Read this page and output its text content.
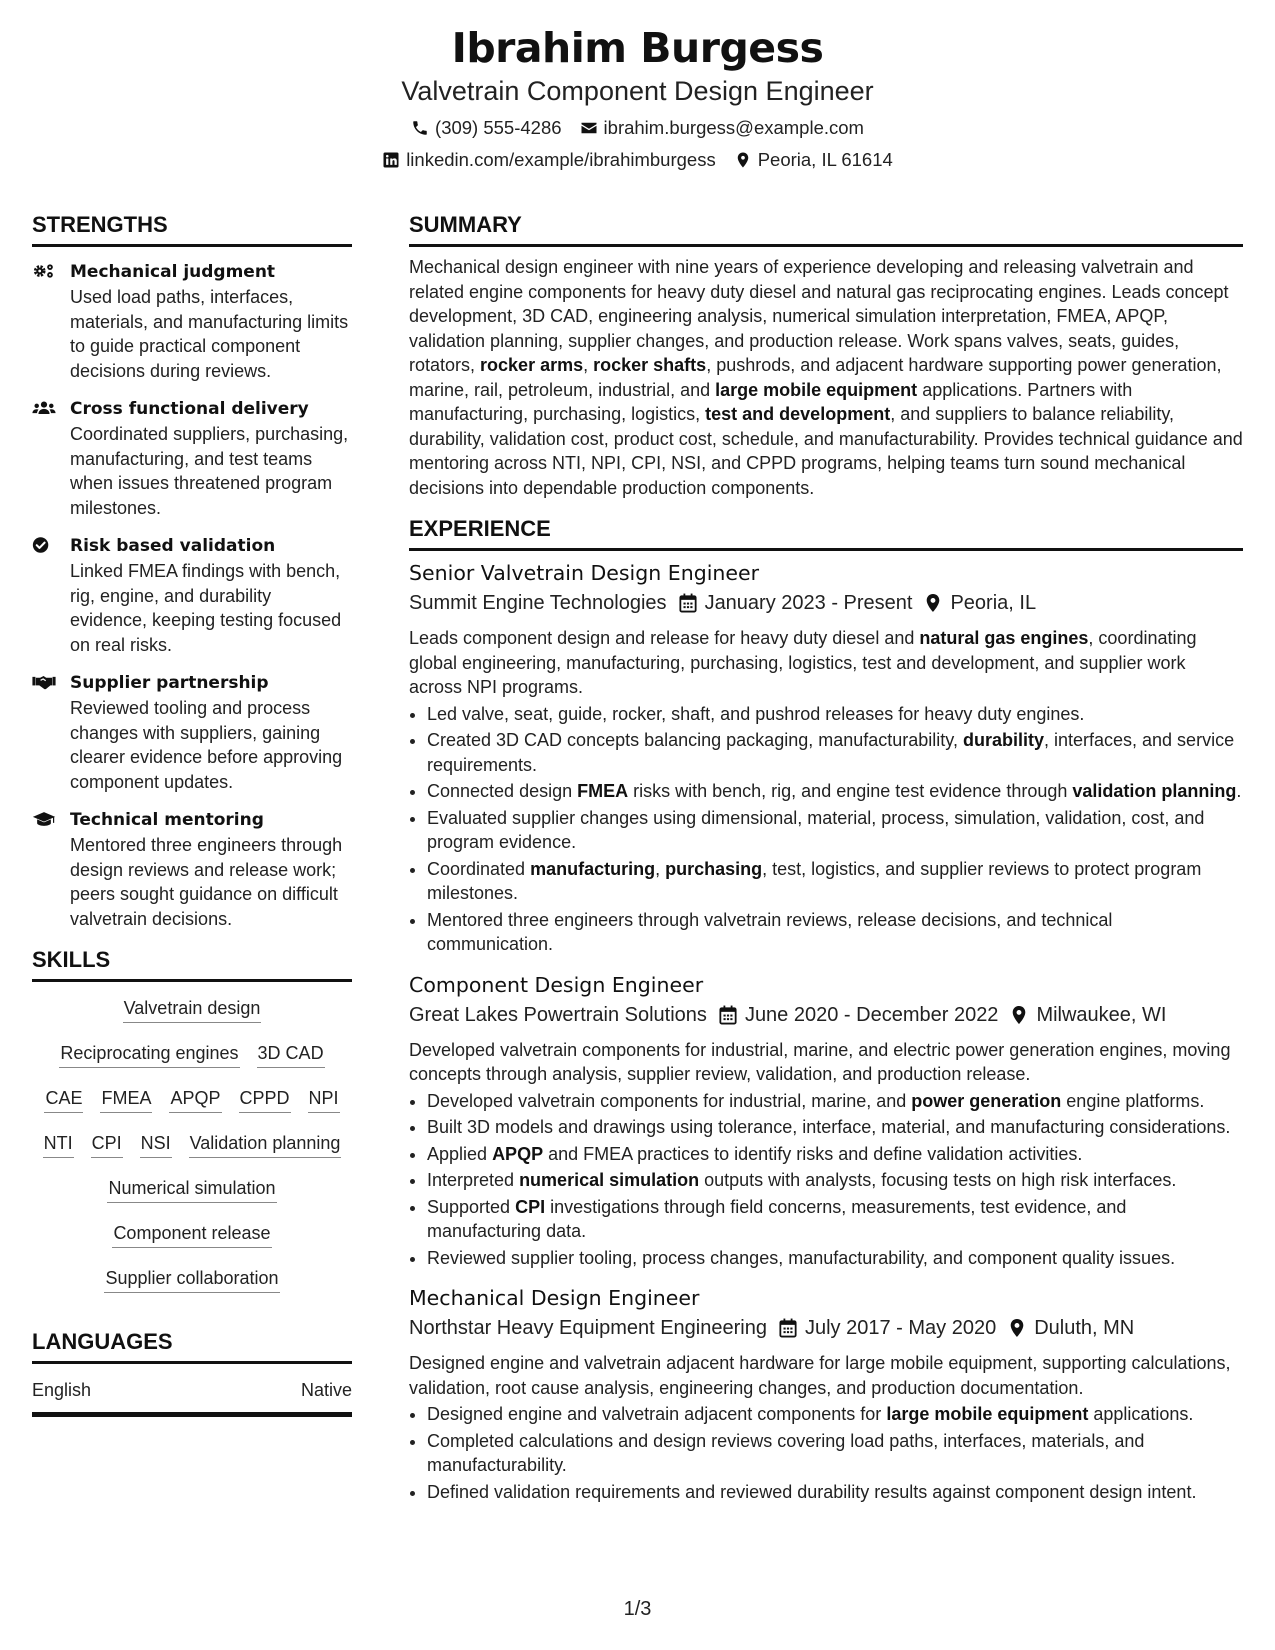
Ibrahim Burgess
Valvetrain Component Design Engineer
(309) 555-4286 ibrahim.burgess@example.com
linkedin.com/example/ibrahimburgess Peoria, IL 61614
STRENGTHS
Mechanical judgment
Used load paths, interfaces, materials, and manufacturing limits to guide practical component decisions during reviews.
Cross functional delivery
Coordinated suppliers, purchasing, manufacturing, and test teams when issues threatened program milestones.
Risk based validation
Linked FMEA findings with bench, rig, engine, and durability evidence, keeping testing focused on real risks.
Supplier partnership
Reviewed tooling and process changes with suppliers, gaining clearer evidence before approving component updates.
Technical mentoring
Mentored three engineers through design reviews and release work; peers sought guidance on difficult valvetrain decisions.
SKILLS
Valvetrain design
Reciprocating engines 3D CAD
CAE FMEA APQP CPPD NPI
NTI CPI NSI Validation planning
Numerical simulation
Component release
Supplier collaboration
LANGUAGES
English	Native
SUMMARY
Mechanical design engineer with nine years of experience developing and releasing valvetrain and related engine components for heavy duty diesel and natural gas reciprocating engines. Leads concept development, 3D CAD, engineering analysis, numerical simulation interpretation, FMEA, APQP, validation planning, supplier changes, and production release. Work spans valves, seats, guides, rotators, rocker arms, rocker shafts, pushrods, and adjacent hardware supporting power generation, marine, rail, petroleum, industrial, and large mobile equipment applications. Partners with manufacturing, purchasing, logistics, test and development, and suppliers to balance reliability, durability, validation cost, product cost, schedule, and manufacturability. Provides technical guidance and mentoring across NTI, NPI, CPI, NSI, and CPPD programs, helping teams turn sound mechanical decisions into dependable production components.
EXPERIENCE
Senior Valvetrain Design Engineer
Summit Engine Technologies January 2023 - Present Peoria, IL
Leads component design and release for heavy duty diesel and natural gas engines, coordinating global engineering, manufacturing, purchasing, logistics, test and development, and supplier work across NPI programs.
• Led valve, seat, guide, rocker, shaft, and pushrod releases for heavy duty engines.
• Created 3D CAD concepts balancing packaging, manufacturability, durability, interfaces, and service requirements.
• Connected design FMEA risks with bench, rig, and engine test evidence through validation planning.
• Evaluated supplier changes using dimensional, material, process, simulation, validation, cost, and program evidence.
• Coordinated manufacturing, purchasing, test, logistics, and supplier reviews to protect program milestones.
• Mentored three engineers through valvetrain reviews, release decisions, and technical communication.
Component Design Engineer
Great Lakes Powertrain Solutions June 2020 - December 2022 Milwaukee, WI
Developed valvetrain components for industrial, marine, and electric power generation engines, moving concepts through analysis, supplier review, validation, and production release.
• Developed valvetrain components for industrial, marine, and power generation engine platforms.
• Built 3D models and drawings using tolerance, interface, material, and manufacturing considerations.
• Applied APQP and FMEA practices to identify risks and define validation activities.
• Interpreted numerical simulation outputs with analysts, focusing tests on high risk interfaces.
• Supported CPI investigations through field concerns, measurements, test evidence, and manufacturing data.
• Reviewed supplier tooling, process changes, manufacturability, and component quality issues.
Mechanical Design Engineer
Northstar Heavy Equipment Engineering July 2017 - May 2020 Duluth, MN
Designed engine and valvetrain adjacent hardware for large mobile equipment, supporting calculations, validation, root cause analysis, engineering changes, and production documentation.
• Designed engine and valvetrain adjacent components for large mobile equipment applications.
• Completed calculations and design reviews covering load paths, interfaces, materials, and manufacturability.
• Defined validation requirements and reviewed durability results against component design intent.
1/3
